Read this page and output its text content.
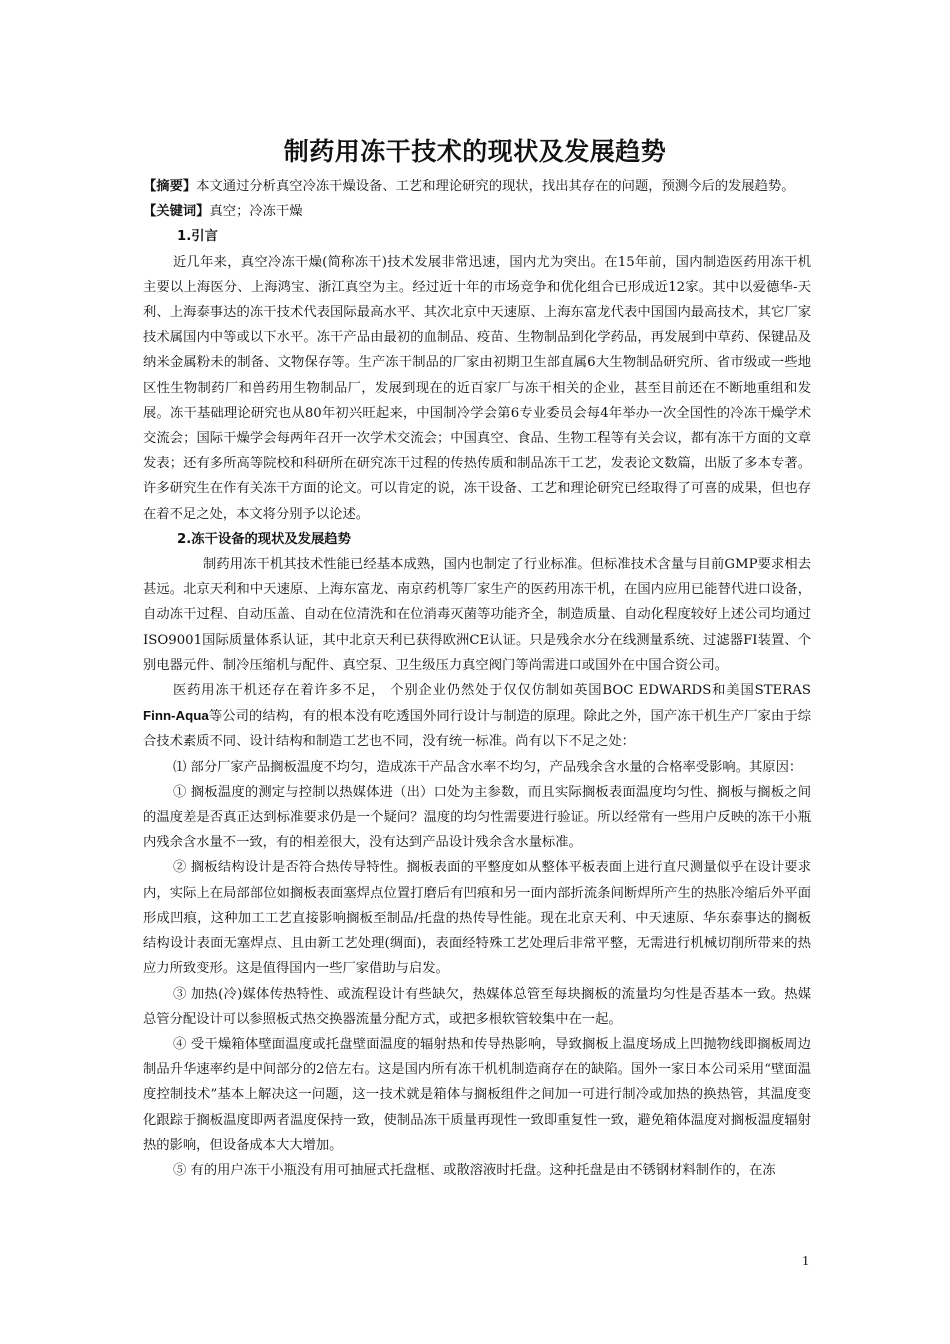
制药用冻干技术的现状及发展趋势

【摘要】本文通过分析真空冷冻干燥设备、工艺和理论研究的现状，找出其存在的问题，预测今后的发展趋势。

【关键词】真空；冷冻干燥

1.引言

近几年来，真空冷冻干燥(简称冻干)技术发展非常迅速，国内尤为突出。在15年前，国内制造医药用冻干机主要以上海医分、上海鸿宝、浙江真空为主。经过近十年的市场竞争和优化组合已形成近12家。其中以爱德华-天利、上海泰事达的冻干技术代表国际最高水平、其次北京中天速原、上海东富龙代表中国国内最高技术，其它厂家技术属国内中等或以下水平。冻干产品由最初的血制品、疫苗、生物制品到化学药品，再发展到中草药、保键品及纳米金属粉未的制备、文物保存等。生产冻干制品的厂家由初期卫生部直属6大生物制品研究所、省市级或一些地区性生物制药厂和兽药用生物制品厂，发展到现在的近百家厂与冻干相关的企业，甚至目前还在不断地重组和发展。冻干基础理论研究也从80年初兴旺起来，中国制冷学会第6专业委员会每4年举办一次全国性的冷冻干燥学术交流会；国际干燥学会每两年召开一次学术交流会；中国真空、食品、生物工程等有关会议，都有冻干方面的文章发表；还有多所高等院校和科研所在研究冻干过程的传热传质和制品冻干工艺，发表论文数篇，出版了多本专著。许多研究生在作有关冻干方面的论文。可以肯定的说，冻干设备、工艺和理论研究已经取得了可喜的成果，但也存在着不足之处，本文将分别予以论述。

2.冻干设备的现状及发展趋势

制药用冻干机其技术性能已经基本成熟，国内也制定了行业标准。但标准技术含量与目前GMP要求相去甚远。北京天利和中天速原、上海东富龙、南京药机等厂家生产的医药用冻干机，在国内应用已能替代进口设备，自动冻干过程、自动压盖、自动在位清洗和在位消毒灭菌等功能齐全，制造质量、自动化程度较好上述公司均通过ISO9001国际质量体系认证，其中北京天利已获得欧洲CE认证。只是残余水分在线测量系统、过滤器FI装置、个别电器元件、制冷压缩机与配件、真空泵、卫生级压力真空阀门等尚需进口或国外在中国合资公司。

医药用冻干机还存在着许多不足， 个别企业仍然处于仅仅仿制如英国BOC EDWARDS和美国STERAS Finn-Aqua等公司的结构，有的根本没有吃透国外同行设计与制造的原理。除此之外，国产冻干机生产厂家由于综合技术素质不同、设计结构和制造工艺也不同，没有统一标准。尚有以下不足之处：

⑴ 部分厂家产品搁板温度不均匀，造成冻干产品含水率不均匀，产品残余含水量的合格率受影响。其原因：

① 搁板温度的测定与控制以热媒体进（出）口处为主参数，而且实际搁板表面温度均匀性、搁板与搁板之间的温度差是否真正达到标准要求仍是一个疑问？温度的均匀性需要进行验证。所以经常有一些用户反映的冻干小瓶内残余含水量不一致，有的相差很大，没有达到产品设计残余含水量标准。

② 搁板结构设计是否符合热传导特性。搁板表面的平整度如从整体平板表面上进行直尺测量似乎在设计要求内，实际上在局部部位如搁板表面塞焊点位置打磨后有凹痕和另一面内部折流条间断焊所产生的热胀冷缩后外平面形成凹痕，这种加工工艺直接影响搁板至制品/托盘的热传导性能。现在北京天利、中天速原、华东泰事达的搁板结构设计表面无塞焊点、且由新工艺处理(绸面)，表面经特殊工艺处理后非常平整，无需进行机械切削所带来的热应力所致变形。这是值得国内一些厂家借助与启发。

③ 加热(冷)媒体传热特性、或流程设计有些缺欠，热媒体总管至每块搁板的流量均匀性是否基本一致。热媒总管分配设计可以参照板式热交换器流量分配方式，或把多根软管较集中在一起。

④ 受干燥箱体壁面温度或托盘壁面温度的辐射热和传导热影响，导致搁板上温度场成上凹抛物线即搁板周边制品升华速率约是中间部分的2倍左右。这是国内所有冻干机机制造商存在的缺陷。国外一家日本公司采用“壁面温度控制技术”基本上解决这一问题，这一技术就是箱体与搁板组件之间加一可进行制冷或加热的换热管，其温度变化跟踪于搁板温度即两者温度保持一致，使制品冻干质量再现性一致即重复性一致，避免箱体温度对搁板温度辐射热的影响，但设备成本大大增加。

⑤ 有的用户冻干小瓶没有用可抽屉式托盘框、或散溶液时托盘。这种托盘是由不锈钢材料制作的，在冻

1
